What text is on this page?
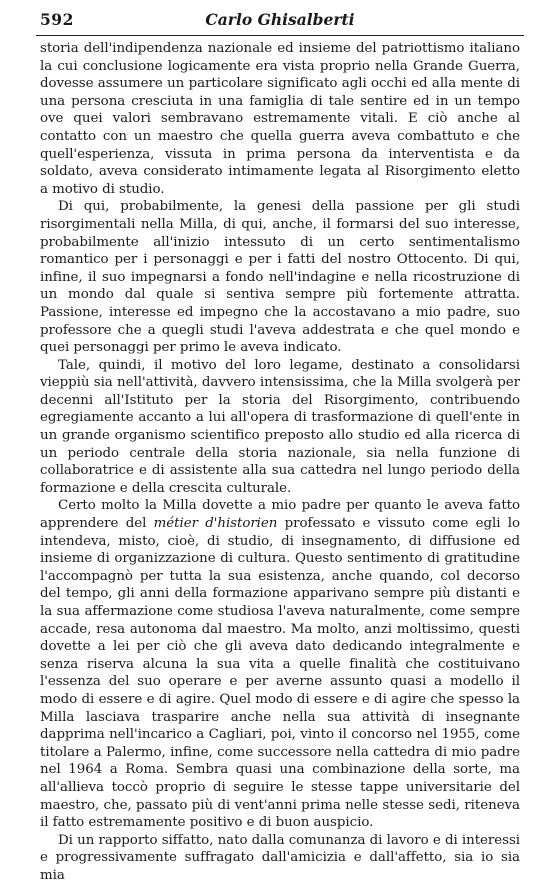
592	Carlo Ghisalberti

storia dell'indipendenza nazionale ed insieme del patriottismo italiano la cui conclusione logicamente era vista proprio nella Grande Guerra, dovesse assumere un particolare significato agli occhi ed alla mente di una persona cresciuta in una famiglia di tale sentire ed in un tempo ove quei valori sembravano estremamente vitali. E ciò anche al contatto con un maestro che quella guerra aveva combattuto e che quell'esperienza, vissuta in prima persona da interventista e da soldato, aveva considerato intimamente legata al Risorgimento eletto a motivo di studio.

Di qui, probabilmente, la genesi della passione per gli studi risorgimentali nella Milla, di qui, anche, il formarsi del suo interesse, probabilmente all'inizio intessuto di un certo sentimentalismo romantico per i personaggi e per i fatti del nostro Ottocento. Di qui, infine, il suo impegnarsi a fondo nell'indagine e nella ricostruzione di un mondo dal quale si sentiva sempre più fortemente attratta. Passione, interesse ed impegno che la accostavano a mio padre, suo professore che a quegli studi l'aveva addestrata e che quel mondo e quei personaggi per primo le aveva indicato.

Tale, quindi, il motivo del loro legame, destinato a consolidarsi vieppiù sia nell'attività, davvero intensissima, che la Milla svolgerà per decenni all'Istituto per la storia del Risorgimento, contribuendo egregiamente accanto a lui all'opera di trasformazione di quell'ente in un grande organismo scientifico preposto allo studio ed alla ricerca di un periodo centrale della storia nazionale, sia nella funzione di collaboratrice e di assistente alla sua cattedra nel lungo periodo della formazione e della crescita culturale.

Certo molto la Milla dovette a mio padre per quanto le aveva fatto apprendere del métier d'historien professato e vissuto come egli lo intendeva, misto, cioè, di studio, di insegnamento, di diffusione ed insieme di organizzazione di cultura. Questo sentimento di gratitudine l'accompagnò per tutta la sua esistenza, anche quando, col decorso del tempo, gli anni della formazione apparivano sempre più distanti e la sua affermazione come studiosa l'aveva naturalmente, come sempre accade, resa autonoma dal maestro. Ma molto, anzi moltissimo, questi dovette a lei per ciò che gli aveva dato dedicando integralmente e senza riserva alcuna la sua vita a quelle finalità che costituivano l'essenza del suo operare e per averne assunto quasi a modello il modo di essere e di agire. Quel modo di essere e di agire che spesso la Milla lasciava trasparire anche nella sua attività di insegnante dapprima nell'incarico a Cagliari, poi, vinto il concorso nel 1955, come titolare a Palermo, infine, come successore nella cattedra di mio padre nel 1964 a Roma. Sembra quasi una combinazione della sorte, ma all'allieva toccò proprio di seguire le stesse tappe universitarie del maestro, che, passato più di vent'anni prima nelle stesse sedi, riteneva il fatto estremamente positivo e di buon auspicio.

Di un rapporto siffatto, nato dalla comunanza di lavoro e di interessi e progressivamente suffragato dall'amicizia e dall'affetto, sia io sia mia
